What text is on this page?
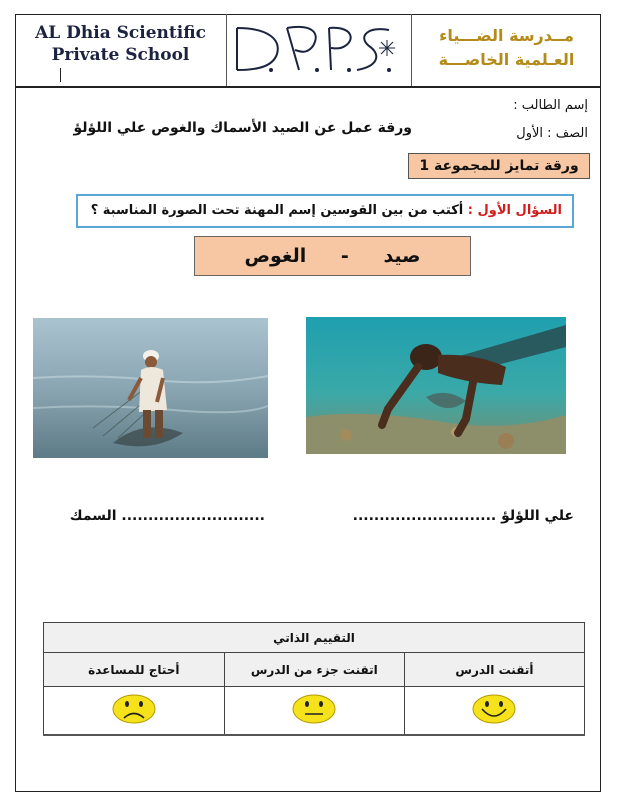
AL Dhia Scientific
Private School
مــدرسة الضـــياء
العـلمية الخاصـــة
إسم الطالب :
الصف : الأول
ورقة عمل عن الصيد الأسماك والغوص علي اللؤلؤ
ورقة تمايز للمجموعة 1
السؤال الأول : أكتب من بين القوسين إسم المهنة تحت الصورة المناسبة ؟
صيد - الغوص
........................... السمك	علي اللؤلؤ ...........................
التقييم الذاتي		
أتقنت الدرس	اتقنت جزء من الدرس	أحتاج للمساعدة
